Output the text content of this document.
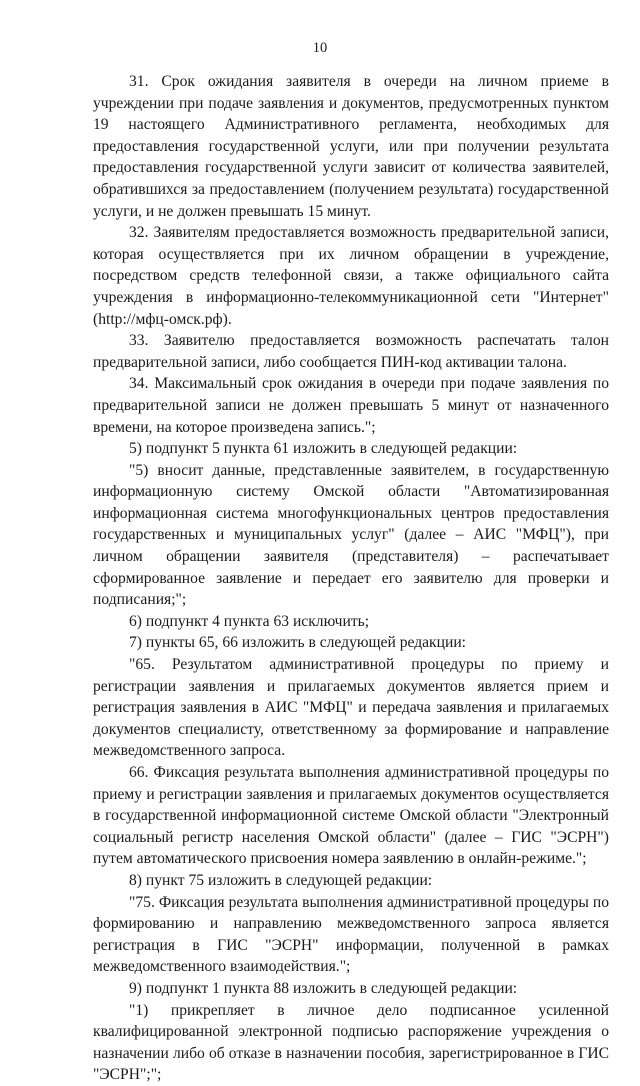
10

31. Срок ожидания заявителя в очереди на личном приеме в учреждении при подаче заявления и документов, предусмотренных пунктом 19 настоящего Административного регламента, необходимых для предоставления государственной услуги, или при получении результата предоставления государственной услуги зависит от количества заявителей, обратившихся за предоставлением (получением результата) государственной услуги, и не должен превышать 15 минут.

32. Заявителям предоставляется возможность предварительной записи, которая осуществляется при их личном обращении в учреждение, посредством средств телефонной связи, а также официального сайта учреждения в информационно-телекоммуникационной сети "Интернет" (http://мфц-омск.рф).

33. Заявителю предоставляется возможность распечатать талон предварительной записи, либо сообщается ПИН-код активации талона.

34. Максимальный срок ожидания в очереди при подаче заявления по предварительной записи не должен превышать 5 минут от назначенного времени, на которое произведена запись.";

5) подпункт 5 пункта 61 изложить в следующей редакции:

"5) вносит данные, представленные заявителем, в государственную информационную систему Омской области "Автоматизированная информационная система многофункциональных центров предоставления государственных и муниципальных услуг" (далее – АИС "МФЦ"), при личном обращении заявителя (представителя) – распечатывает сформированное заявление и передает его заявителю для проверки и подписания;";

6) подпункт 4 пункта 63 исключить;

7) пункты 65, 66 изложить в следующей редакции:

"65. Результатом административной процедуры по приему и регистрации заявления и прилагаемых документов является прием и регистрация заявления в АИС "МФЦ" и передача заявления и прилагаемых документов специалисту, ответственному за формирование и направление межведомственного запроса.

66. Фиксация результата выполнения административной процедуры по приему и регистрации заявления и прилагаемых документов осуществляется в государственной информационной системе Омской области "Электронный социальный регистр населения Омской области" (далее – ГИС "ЭСРН") путем автоматического присвоения номера заявлению в онлайн-режиме.";

8) пункт 75 изложить в следующей редакции:

"75. Фиксация результата выполнения административной процедуры по формированию и направлению межведомственного запроса является регистрация в ГИС "ЭСРН" информации, полученной в рамках межведомственного взаимодействия.";

9) подпункт 1 пункта 88 изложить в следующей редакции:

"1) прикрепляет в личное дело подписанное усиленной квалифицированной электронной подписью распоряжение учреждения о назначении либо об отказе в назначении пособия, зарегистрированное в ГИС "ЭСРН";";
